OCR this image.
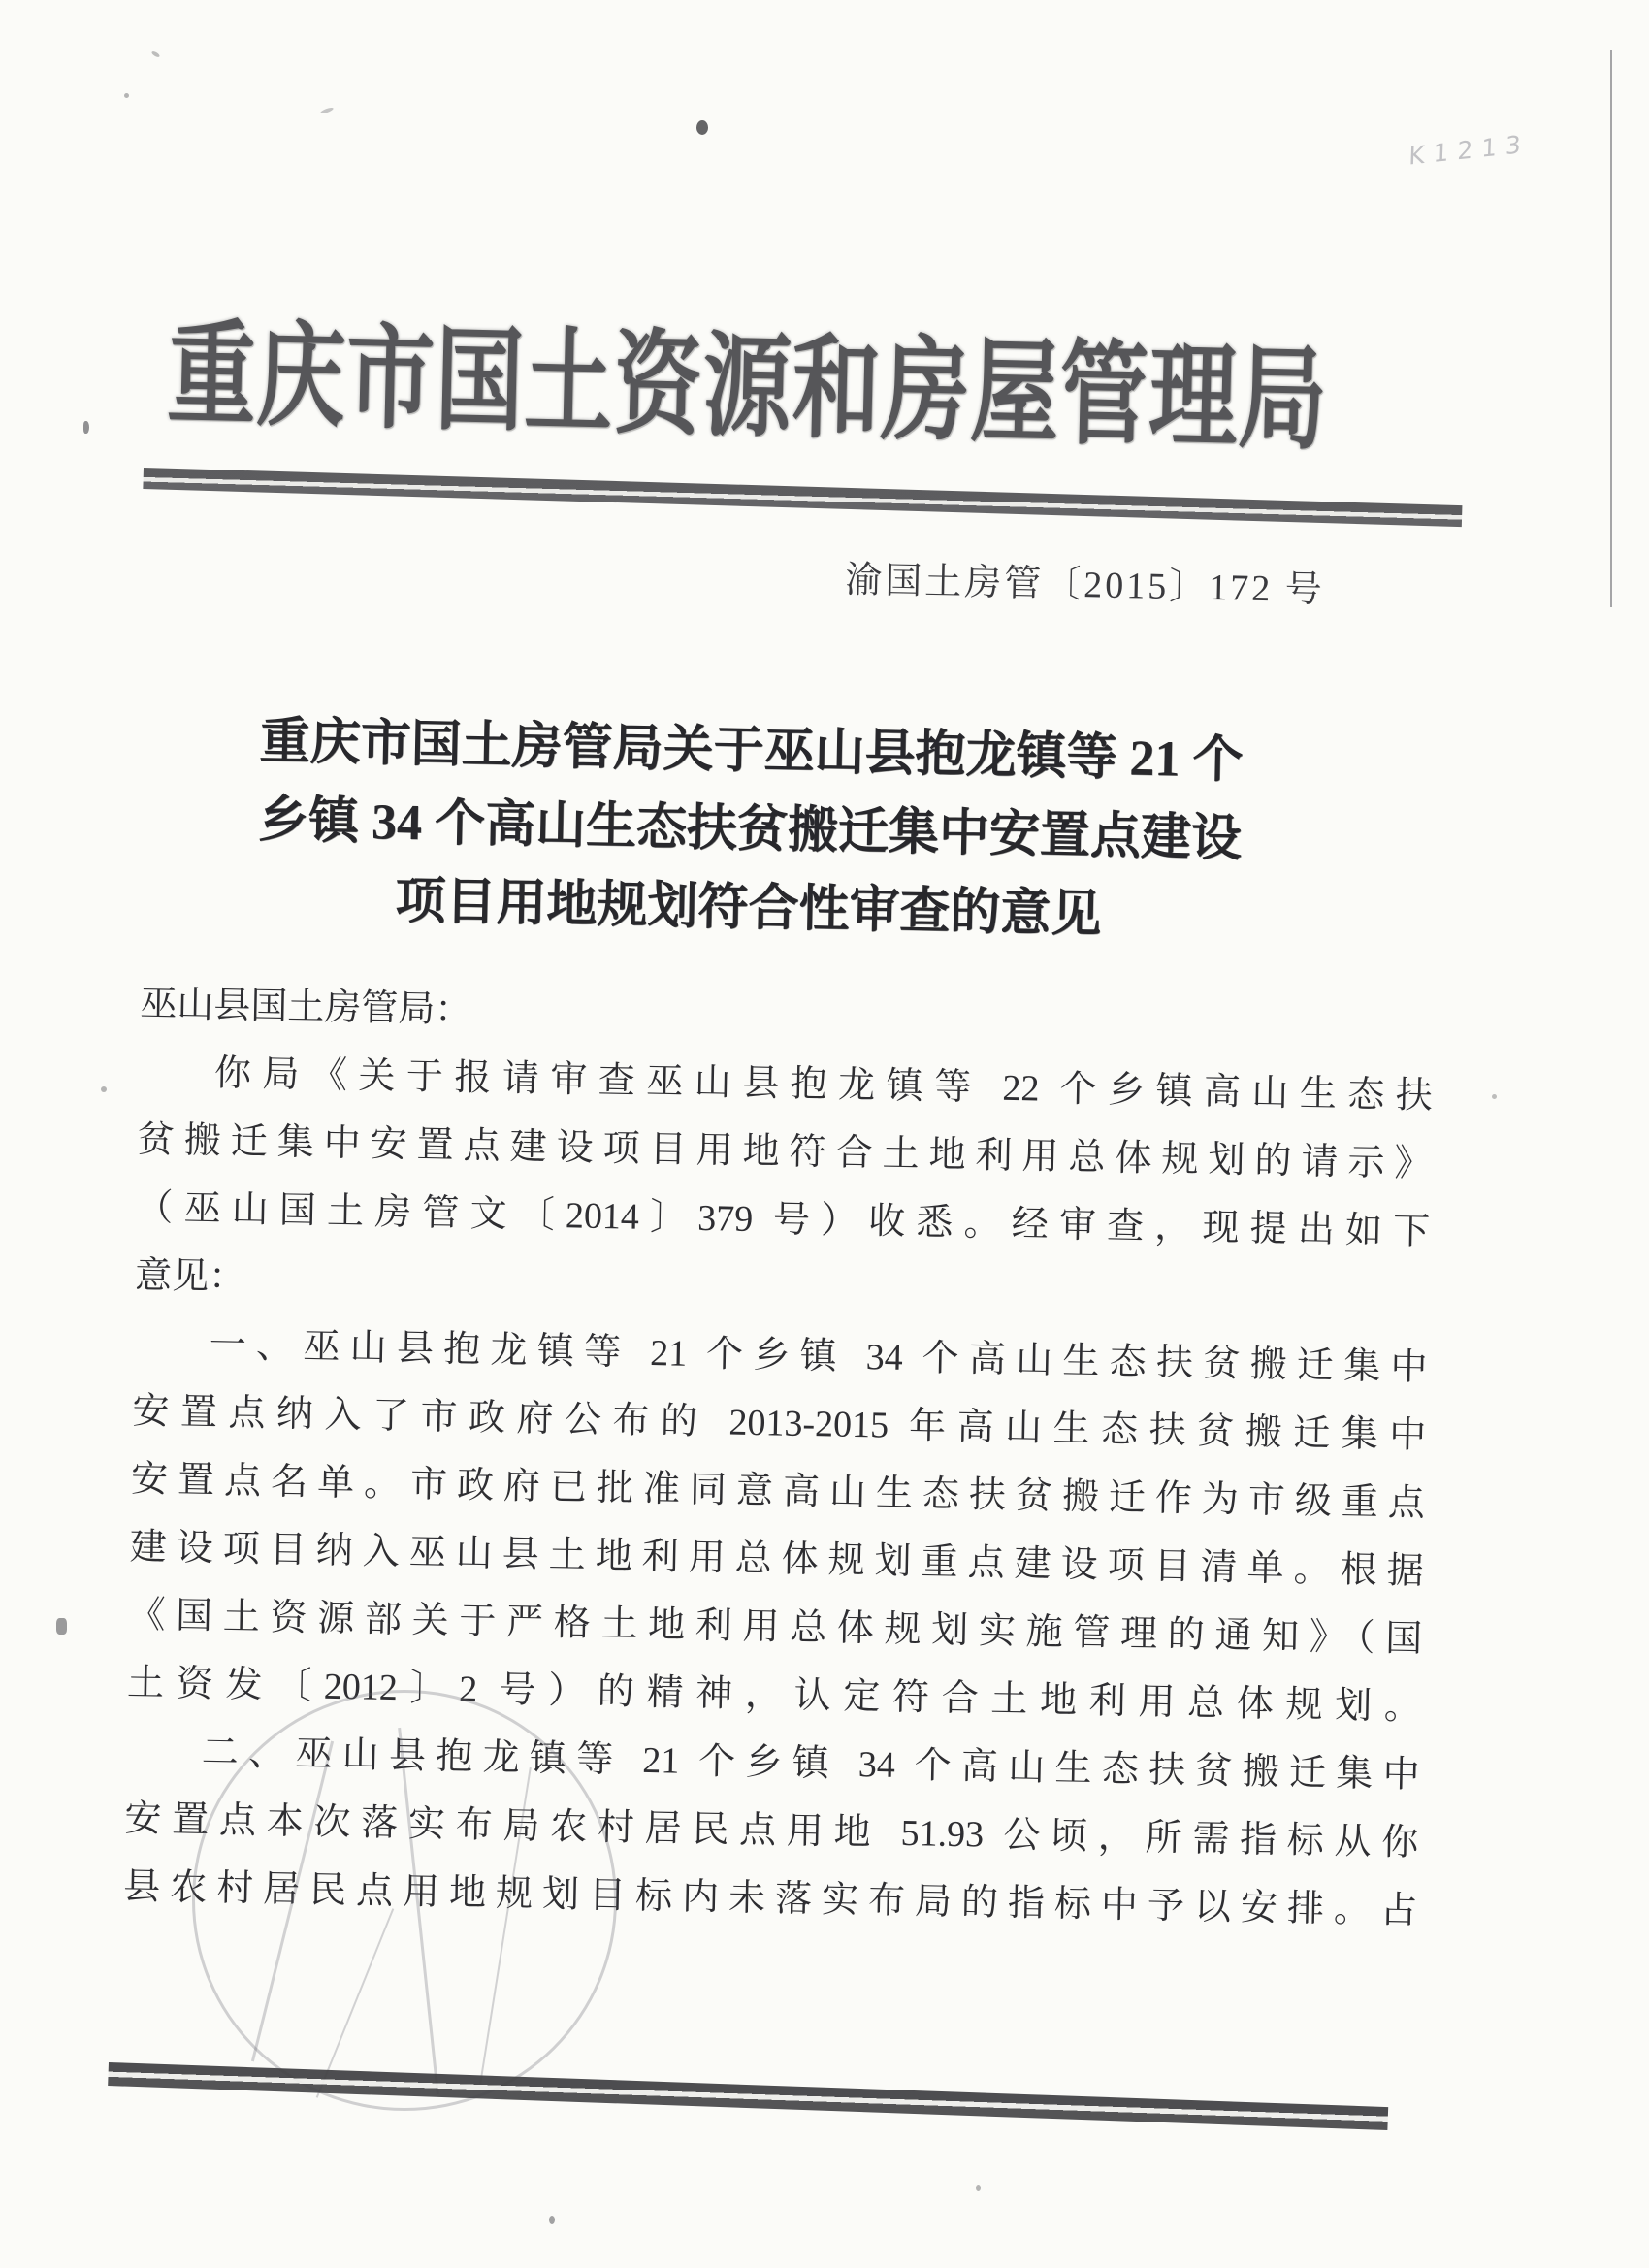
K1213
重庆市国土资源和房屋管理局
渝国土房管〔2015〕172 号
重庆市国土房管局关于巫山县抱龙镇等 21 个
乡镇 34 个高山生态扶贫搬迁集中安置点建设
项目用地规划符合性审查的意见
巫山县国土房管局：
你局《关于报请审查巫山县抱龙镇等 22 个乡镇高山生态扶
贫搬迁集中安置点建设项目用地符合土地利用总体规划的请示》
（巫山国土房管文〔2014〕379 号）收悉。经审查，现提出如下
意见：
一、巫山县抱龙镇等 21 个乡镇 34 个高山生态扶贫搬迁集中
安置点纳入了市政府公布的 2013-2015 年高山生态扶贫搬迁集中
安置点名单。市政府已批准同意高山生态扶贫搬迁作为市级重点
建设项目纳入巫山县土地利用总体规划重点建设项目清单。根据
《国土资源部关于严格土地利用总体规划实施管理的通知》（国
土资发〔2012〕2 号）的精神，认定符合土地利用总体规划。
二、巫山县抱龙镇等 21 个乡镇 34 个高山生态扶贫搬迁集中
安置点本次落实布局农村居民点用地 51.93 公顷，所需指标从你
县农村居民点用地规划目标内未落实布局的指标中予以安排。占
